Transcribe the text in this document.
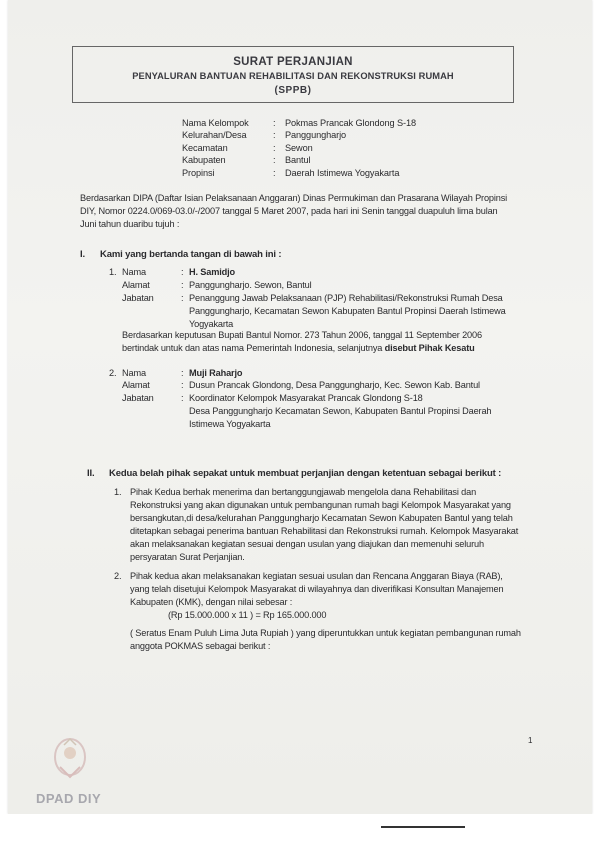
SURAT PERJANJIAN
PENYALURAN BANTUAN REHABILITASI DAN REKONSTRUKSI RUMAH
(SPPB)
Nama Kelompok	: Pokmas Prancak Glondong S-18
Kelurahan/Desa	: Panggungharjo
Kecamatan	: Sewon
Kabupaten	: Bantul
Propinsi	: Daerah Istimewa Yogyakarta
Berdasarkan DIPA (Daftar Isian Pelaksanaan Anggaran) Dinas Permukiman dan Prasarana Wilayah Propinsi
DIY, Nomor 0224.0/069-03.0/-/2007 tanggal 5 Maret 2007, pada hari ini Senin tanggal duapuluh lima bulan
Juni tahun duaribu tujuh :
I. Kami yang bertanda tangan di bawah ini :
1. Nama	: H. Samidjo
Alamat	: Panggungharjo. Sewon, Bantul
Jabatan	: Penanggung Jawab Pelaksanaan (PJP) Rehabilitasi/Rekonstruksi Rumah Desa
Panggungharjo, Kecamatan Sewon Kabupaten Bantul Propinsi Daerah Istimewa
Yogyakarta
Berdasarkan keputusan Bupati Bantul Nomor. 273 Tahun 2006, tanggal 11 September 2006
bertindak untuk dan atas nama Pemerintah Indonesia, selanjutnya disebut Pihak Kesatu
2. Nama	: Muji Raharjo
Alamat	: Dusun Prancak Glondong, Desa Panggungharjo, Kec. Sewon Kab. Bantul
Jabatan	: Koordinator Kelompok Masyarakat Prancak Glondong S-18
Desa Panggungharjo Kecamatan Sewon, Kabupaten Bantul Propinsi Daerah
Istimewa Yogyakarta
II. Kedua belah pihak sepakat untuk membuat perjanjian dengan ketentuan sebagai berikut :
1. Pihak Kedua berhak menerima dan bertanggungjawab mengelola dana Rehabilitasi dan
Rekonstruksi yang akan digunakan untuk pembangunan rumah bagi Kelompok Masyarakat yang
bersangkutan,di desa/kelurahan Panggungharjo Kecamatan Sewon Kabupaten Bantul yang telah
ditetapkan sebagai penerima bantuan Rehabilitasi dan Rekonstruksi rumah. Kelompok Masyarakat
akan melaksanakan kegiatan sesuai dengan usulan yang diajukan dan memenuhi seluruh
persyaratan Surat Perjanjian.
2. Pihak kedua akan melaksanakan kegiatan sesuai usulan dan Rencana Anggaran Biaya (RAB),
yang telah disetujui Kelompok Masyarakat di wilayahnya dan diverifikasi Konsultan Manajemen
Kabupaten (KMK), dengan nilai sebesar :
(Rp 15.000.000 x 11 ) = Rp 165.000.000
( Seratus Enam Puluh Lima Juta Rupiah ) yang diperuntukkan untuk kegiatan pembangunan rumah
anggota POKMAS sebagai berikut :
1
DPAD DIY
